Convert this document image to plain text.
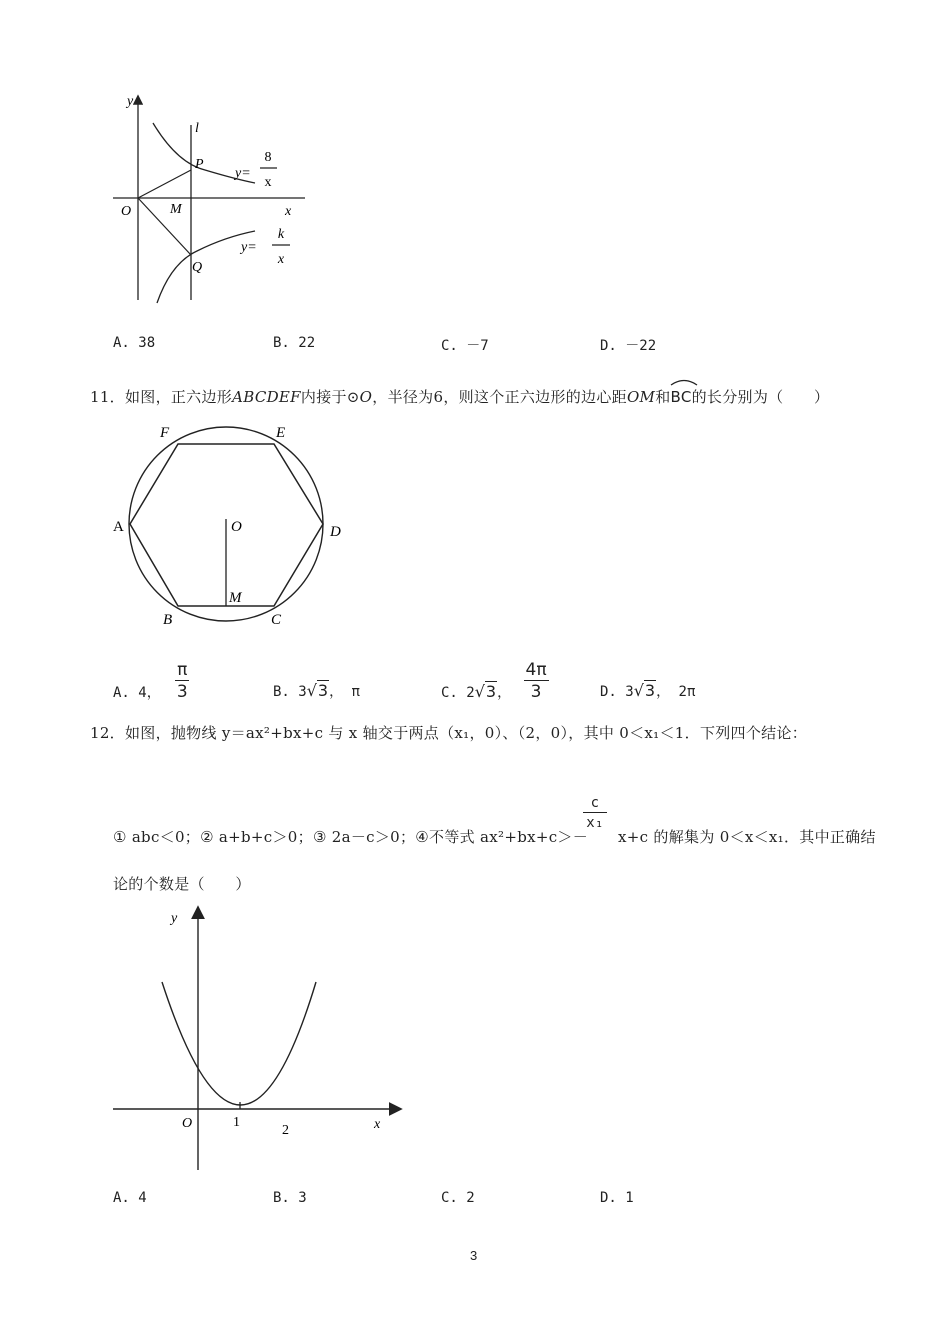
y
l
P
O	M	x
Q
y=
8
x
y=
k
x
A. 38	B. 22	C. －7	D. －22
11．如图，正六边形ABCDEF内接于⊙O，半径为6，则这个正六边形的边心距OM和
BC的长分别为（　　）
F	E
A	O	D
M
B	C
A. 4， $\frac{\pi}{3}$	B. 3√3， π	C. 2√3， $\frac{4\pi}{3}$	D. 3√3， 2π
12．如图，抛物线 y＝ax²+bx+c 与 x 轴交于两点（x₁，0）、（2，0），其中 0＜x₁＜1．下列四个结论：
① abc＜0；② a+b+c＞0；③ 2a－c＞0；④不等式 ax²+bx+c＞－
c
x₁
x+c 的解集为 0＜x＜x₁．其中正确结
论的个数是（　　）
y
x
O	1
2
A. 4	B. 3	C. 2	D. 1
3
